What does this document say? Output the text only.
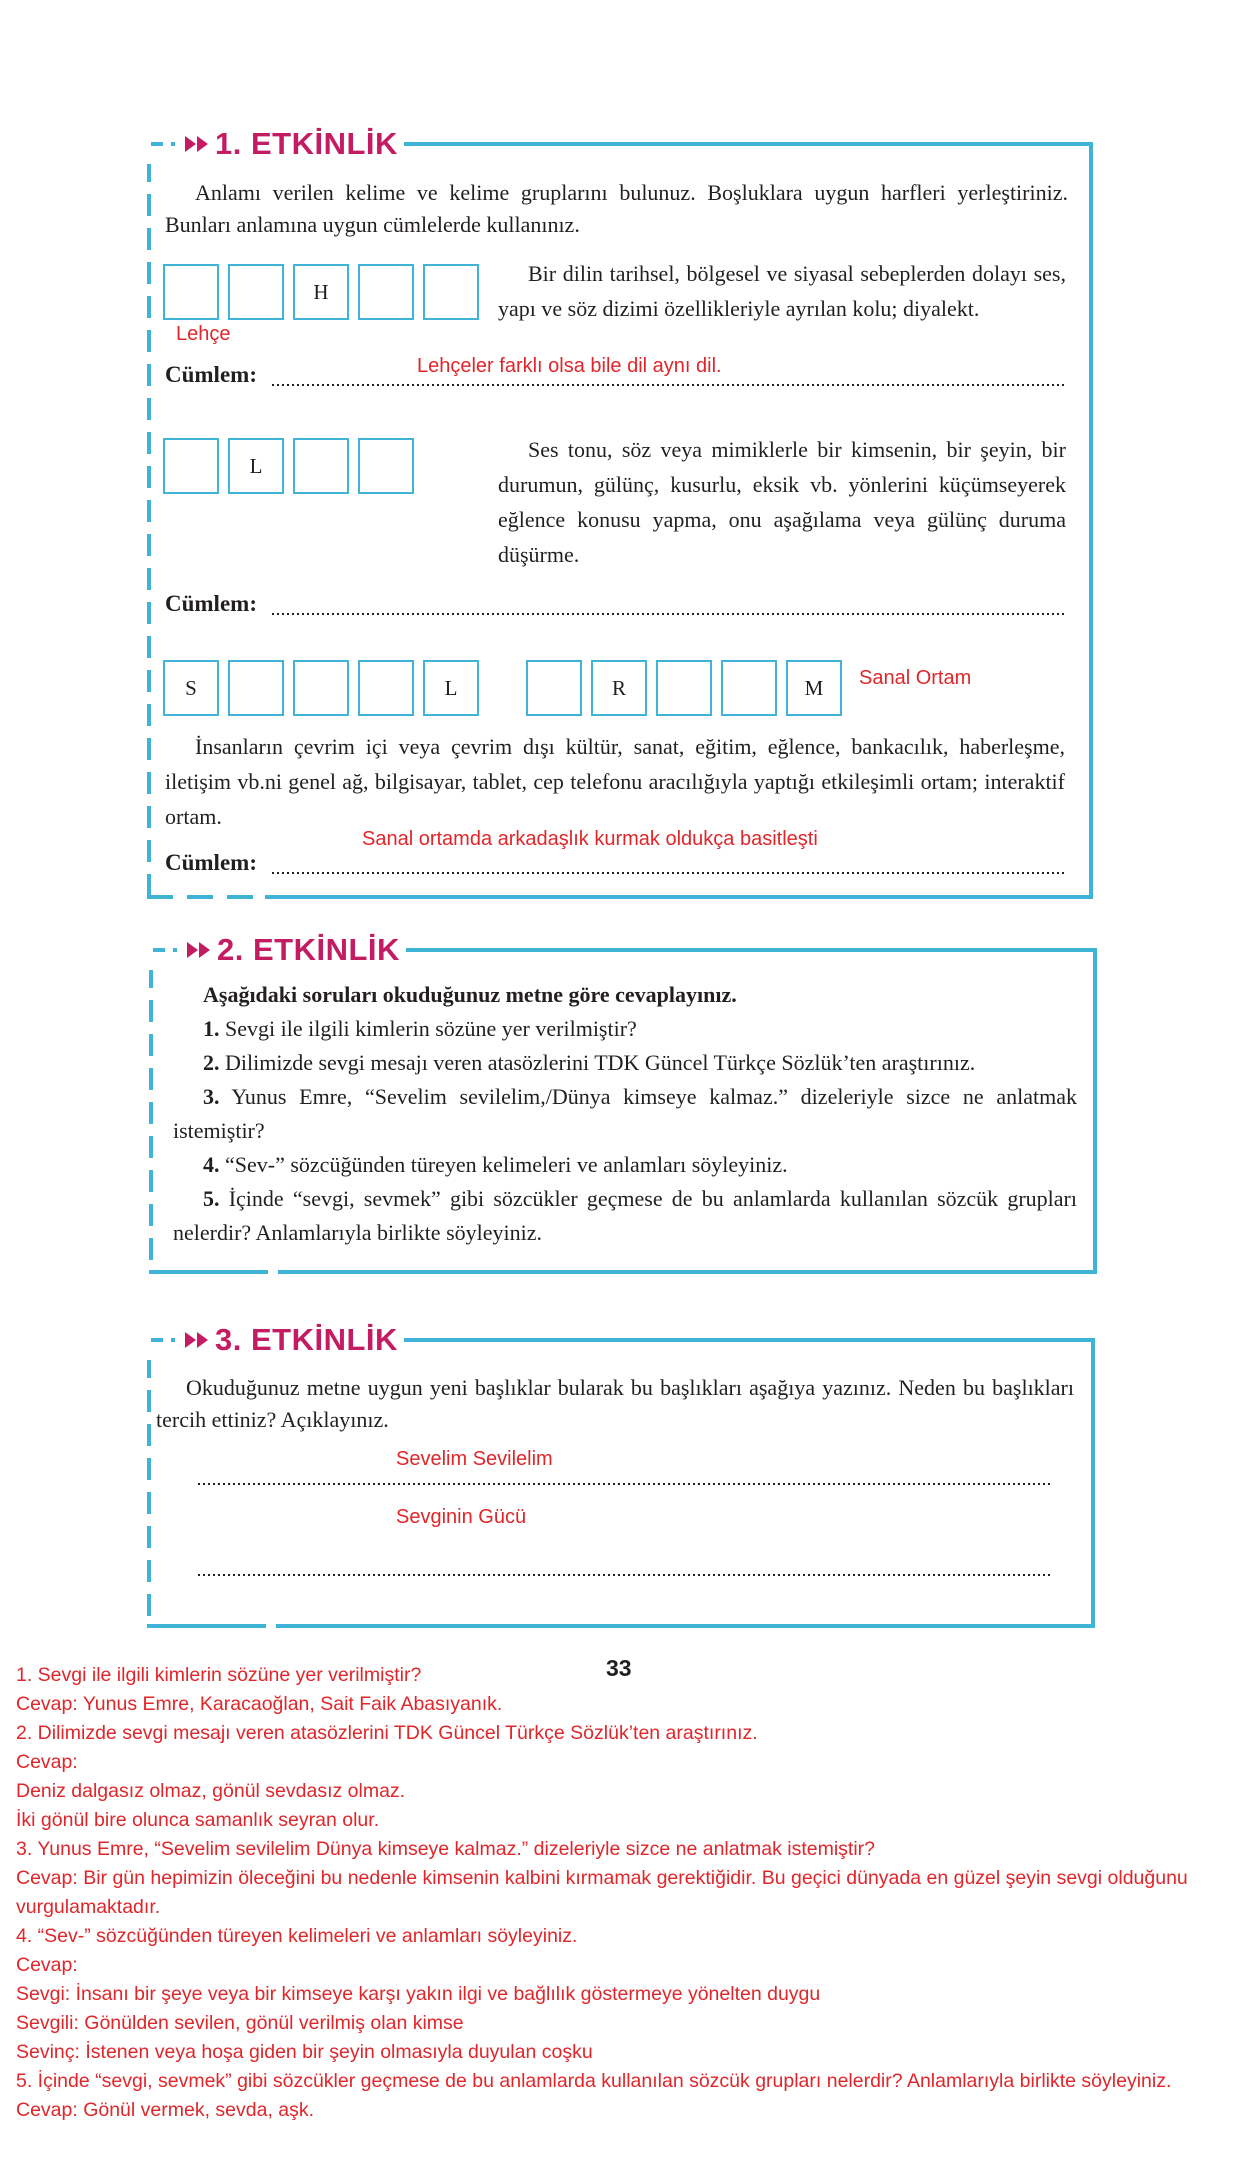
1. ETKİNLİK
Anlamı verilen kelime ve kelime gruplarını bulunuz. Boşluklara uygun harfleri yerleştiriniz. Bunları anlamına uygun cümlelerde kullanınız.
H
Lehçe
Bir dilin tarihsel, bölgesel ve siyasal sebeplerden dolayı ses, yapı ve söz dizimi özellikleriyle ayrılan kolu; diyalekt.
Cümlem:	Lehçeler farklı olsa bile dil aynı dil.
L
Ses tonu, söz veya mimiklerle bir kimsenin, bir şeyin, bir durumun, gülünç, kusurlu, eksik vb. yönlerini küçümseyerek eğlence konusu yapma, onu aşağılama veya gülünç duruma düşürme.
Cümlem:
S	L	R	M	Sanal Ortam
İnsanların çevrim içi veya çevrim dışı kültür, sanat, eğitim, eğlence, bankacılık, haberleşme, iletişim vb.ni genel ağ, bilgisayar, tablet, cep telefonu aracılığıyla yaptığı etkileşimli ortam; interaktif ortam.
Sanal ortamda arkadaşlık kurmak oldukça basitleşti
Cümlem:
2. ETKİNLİK
Aşağıdaki soruları okuduğunuz metne göre cevaplayınız.
1. Sevgi ile ilgili kimlerin sözüne yer verilmiştir?
2. Dilimizde sevgi mesajı veren atasözlerini TDK Güncel Türkçe Sözlük’ten araştırınız.
3. Yunus Emre, “Sevelim sevilelim,/Dünya kimseye kalmaz.” dizeleriyle sizce ne anlatmak istemiştir?
4. “Sev-” sözcüğünden türeyen kelimeleri ve anlamları söyleyiniz.
5. İçinde “sevgi, sevmek” gibi sözcükler geçmese de bu anlamlarda kullanılan sözcük grupları nelerdir? Anlamlarıyla birlikte söyleyiniz.
3. ETKİNLİK
Okuduğunuz metne uygun yeni başlıklar bularak bu başlıkları aşağıya yazınız. Neden bu başlıkları tercih ettiniz? Açıklayınız.
Sevelim Sevilelim
Sevginin Gücü
33
1. Sevgi ile ilgili kimlerin sözüne yer verilmiştir?
Cevap: Yunus Emre, Karacaoğlan, Sait Faik Abasıyanık.
2. Dilimizde sevgi mesajı veren atasözlerini TDK Güncel Türkçe Sözlük’ten araştırınız.
Cevap:
Deniz dalgasız olmaz, gönül sevdasız olmaz.
İki gönül bire olunca samanlık seyran olur.
3. Yunus Emre, “Sevelim sevilelim Dünya kimseye kalmaz.” dizeleriyle sizce ne anlatmak istemiştir?
Cevap: Bir gün hepimizin öleceğini bu nedenle kimsenin kalbini kırmamak gerektiğidir. Bu geçici dünyada en güzel şeyin sevgi olduğunu vurgulamaktadır.
4. “Sev-” sözcüğünden türeyen kelimeleri ve anlamları söyleyiniz.
Cevap:
Sevgi: İnsanı bir şeye veya bir kimseye karşı yakın ilgi ve bağlılık göstermeye yönelten duygu
Sevgili: Gönülden sevilen, gönül verilmiş olan kimse
Sevinç: İstenen veya hoşa giden bir şeyin olmasıyla duyulan coşku
5. İçinde “sevgi, sevmek” gibi sözcükler geçmese de bu anlamlarda kullanılan sözcük grupları nelerdir? Anlamlarıyla birlikte söyleyiniz.
Cevap: Gönül vermek, sevda, aşk.
